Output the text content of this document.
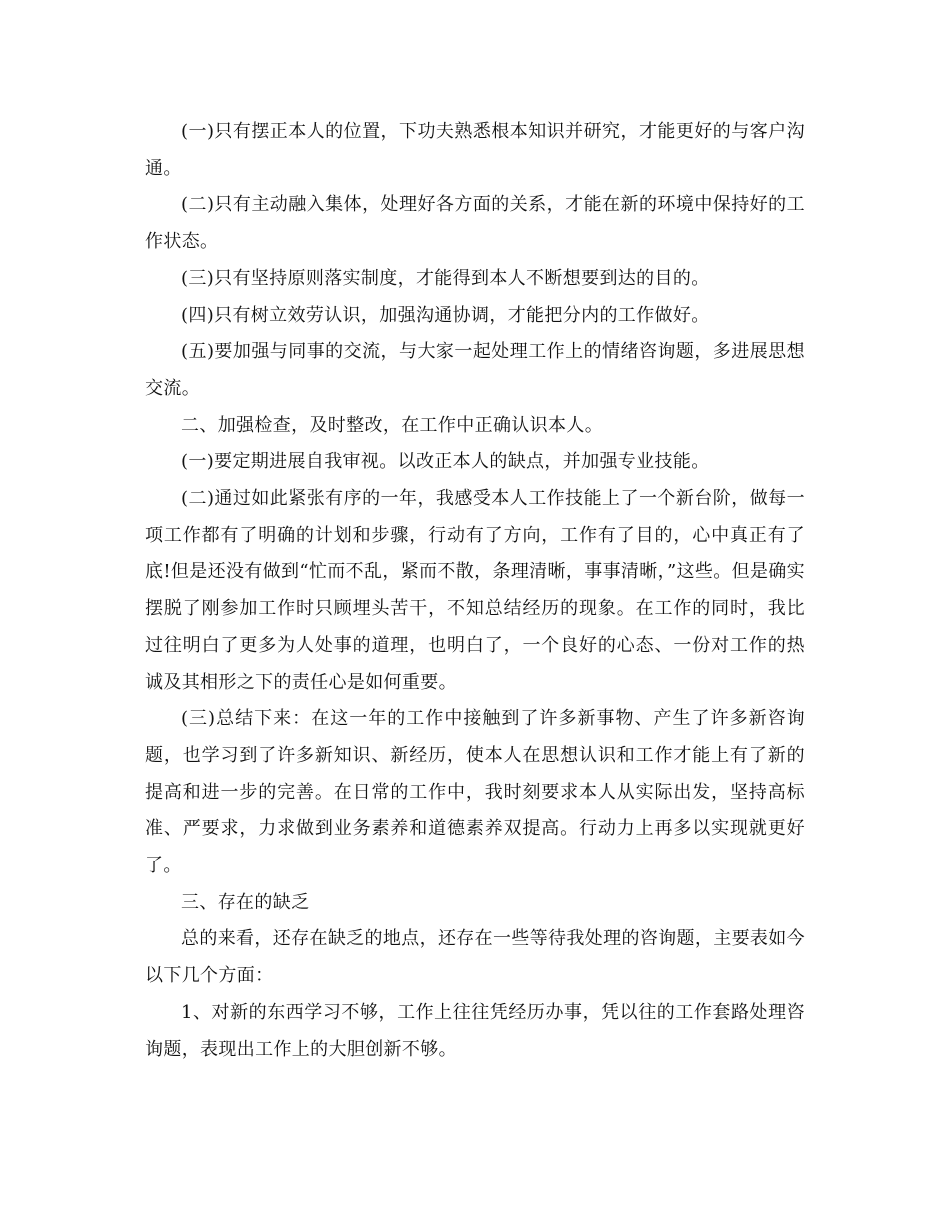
(一)只有摆正本人的位置，下功夫熟悉根本知识并研究，才能更好的与客户沟通。

(二)只有主动融入集体，处理好各方面的关系，才能在新的环境中保持好的工作状态。

(三)只有坚持原则落实制度，才能得到本人不断想要到达的目的。

(四)只有树立效劳认识，加强沟通协调，才能把分内的工作做好。

(五)要加强与同事的交流，与大家一起处理工作上的情绪咨询题，多进展思想交流。

二、加强检查，及时整改，在工作中正确认识本人。

(一)要定期进展自我审视。以改正本人的缺点，并加强专业技能。

(二)通过如此紧张有序的一年，我感受本人工作技能上了一个新台阶，做每一项工作都有了明确的计划和步骤，行动有了方向，工作有了目的，心中真正有了底!但是还没有做到“忙而不乱，紧而不散，条理清晰，事事清晰，”这些。但是确实摆脱了刚参加工作时只顾埋头苦干，不知总结经历的现象。在工作的同时，我比过往明白了更多为人处事的道理，也明白了，一个良好的心态、一份对工作的热诚及其相形之下的责任心是如何重要。

(三)总结下来：在这一年的工作中接触到了许多新事物、产生了许多新咨询题，也学习到了许多新知识、新经历，使本人在思想认识和工作才能上有了新的提高和进一步的完善。在日常的工作中，我时刻要求本人从实际出发，坚持高标准、严要求，力求做到业务素养和道德素养双提高。行动力上再多以实现就更好了。

三、存在的缺乏

总的来看，还存在缺乏的地点，还存在一些等待我处理的咨询题，主要表如今以下几个方面：

1、对新的东西学习不够，工作上往往凭经历办事，凭以往的工作套路处理咨询题，表现出工作上的大胆创新不够。
